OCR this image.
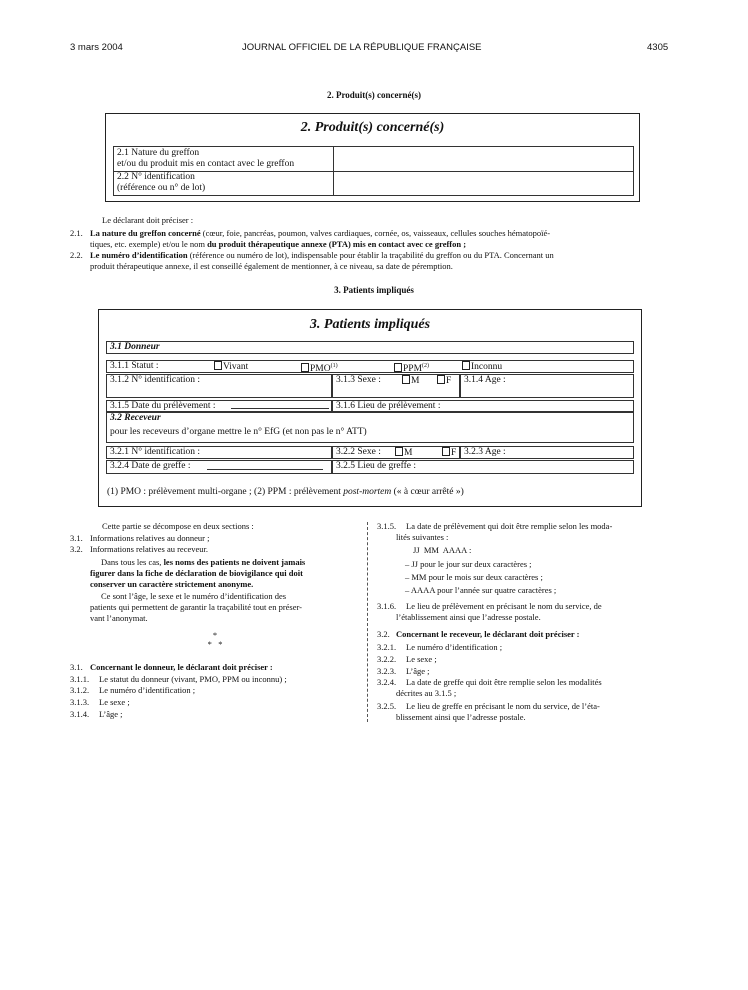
3 mars 2004	JOURNAL OFFICIEL DE LA RÉPUBLIQUE FRANÇAISE	4305
2. Produit(s) concerné(s)
2. Produit(s) concerné(s)
2.1 Nature du greffon
et/ou du produit mis en contact avec le greffon
2.2 N° identification
(référence ou n° de lot)
Le déclarant doit préciser :
2.1. La nature du greffon concerné (cœur, foie, pancréas, poumon, valves cardiaques, cornée, os, vaisseaux, cellules souches hématopoïé-
tiques, etc. exemple) et/ou le nom du produit thérapeutique annexe (PTA) mis en contact avec ce greffon ;
2.2. Le numéro d’identification (référence ou numéro de lot), indispensable pour établir la traçabilité du greffon ou du PTA. Concernant un
produit thérapeutique annexe, il est conseillé également de mentionner, à ce niveau, sa date de péremption.
3. Patients impliqués
3. Patients impliqués
3.1 Donneur
3.1.1 Statut :	Vivant	PMO$^{(1)}$	PPM$^{(2)}$	Inconnu
3.1.2 N° identification :	3.1.3 Sexe :	M	F	3.1.4 Age :
3.1.5 Date du prélèvement :	3.1.6 Lieu de prélèvement :
3.2 Receveur
pour les receveurs d’organe mettre le n° EfG (et non pas le n° ATT)
3.2.1 N° identification :	3.2.2 Sexe :	M	F 3.2.3 Age :
3.2.4 Date de greffe :	3.2.5 Lieu de greffe :
(1) PMO : prélèvement multi-organe ; (2) PPM : prélèvement post-mortem (« à cœur arrêté »)
Cette partie se décompose en deux sections :
3.1. Informations relatives au donneur ;
3.2. Informations relatives au receveur.
Dans tous les cas, les noms des patients ne doivent jamais
figurer dans la fiche de déclaration de biovigilance qui doit
conserver un caractère strictement anonyme.
Ce sont l’âge, le sexe et le numéro d’identification des
patients qui permettent de garantir la traçabilité tout en préser-
vant l’anonymat.
*
*   *
3.1. Concernant le donneur, le déclarant doit préciser :
3.1.1. Le statut du donneur (vivant, PMO, PPM ou inconnu) ;
3.1.2. Le numéro d’identification ;
3.1.3. Le sexe ;
3.1.4. L’âge ;
3.1.5. La date de prélèvement qui doit être remplie selon les moda-
lités suivantes :
JJ  MM  AAAA :
– JJ pour le jour sur deux caractères ;
– MM pour le mois sur deux caractères ;
– AAAA pour l’année sur quatre caractères ;
3.1.6. Le lieu de prélèvement en précisant le nom du service, de
l’établissement ainsi que l’adresse postale.
3.2. Concernant le receveur, le déclarant doit préciser :
3.2.1. Le numéro d’identification ;
3.2.2. Le sexe ;
3.2.3. L’âge ;
3.2.4. La date de greffe qui doit être remplie selon les modalités
décrites au 3.1.5 ;
3.2.5. Le lieu de greffe en précisant le nom du service, de l’éta-
blissement ainsi que l’adresse postale.
